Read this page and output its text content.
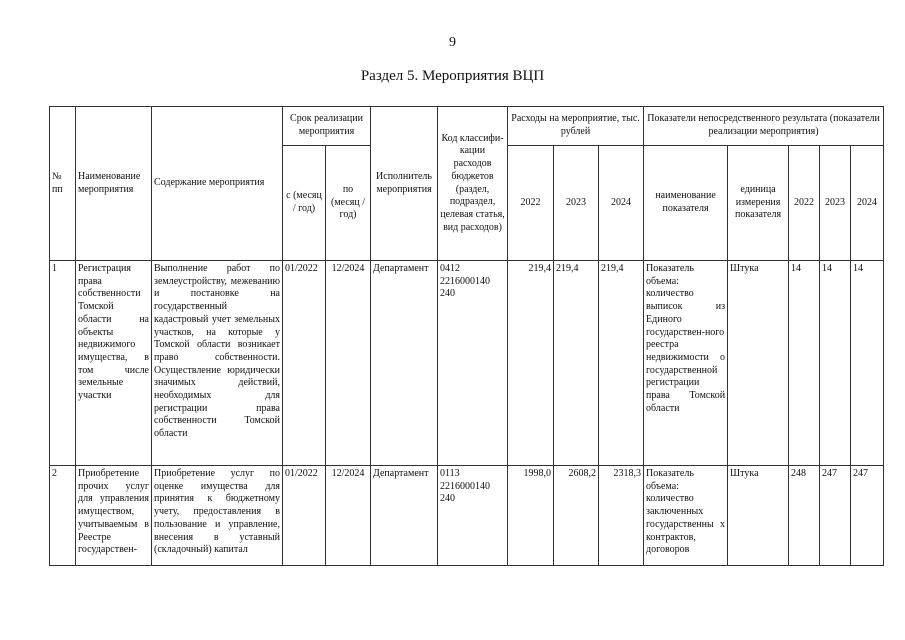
9
Раздел 5. Мероприятия ВЦП
№ пп	Наименование мероприятия	Содержание мероприятия	Срок реализации мероприятия		Исполнитель мероприятия	Код классифи-кации расходов бюджетов (раздел, подраздел, целевая статья, вид расходов)	Расходы на мероприятие, тыс. рублей			Показатели непосредственного результата (показатели реализации мероприятия)				
			с (месяц / год)	по (месяц / год)			2022	2023	2024	наименование показателя	единица измерения показателя	2022	2023	2024
1	Регистрация права собственности Томской области на объекты недвижимого имущества, в том числе земельные участки	Выполнение работ по землеустройству, межеванию и постановке на государственный кадастровый учет земельных участков, на которые у Томской области возникает право собственности. Осуществление юридически значимых действий, необходимых для регистрации права собственности Томской области	01/2022	12/2024	Департамент	0412 2216000140 240	219,4	219,4	219,4	Показатель объема: количество выписок из Единого государствен-ного реестра недвижимости о государственной регистрации права Томской области	Штука	14	14	14
2	Приобретение прочих услуг для управления имуществом, учитываемым в Реестре государствен-	Приобретение услуг по оценке имущества для принятия к бюджетному учету, предоставления в пользование и управление, внесения в уставный (складочный) капитал	01/2022	12/2024	Департамент	0113 2216000140 240	1998,0	2608,2	2318,3	Показатель объема: количество заключенных государственны х контрактов, договоров	Штука	248	247	247
